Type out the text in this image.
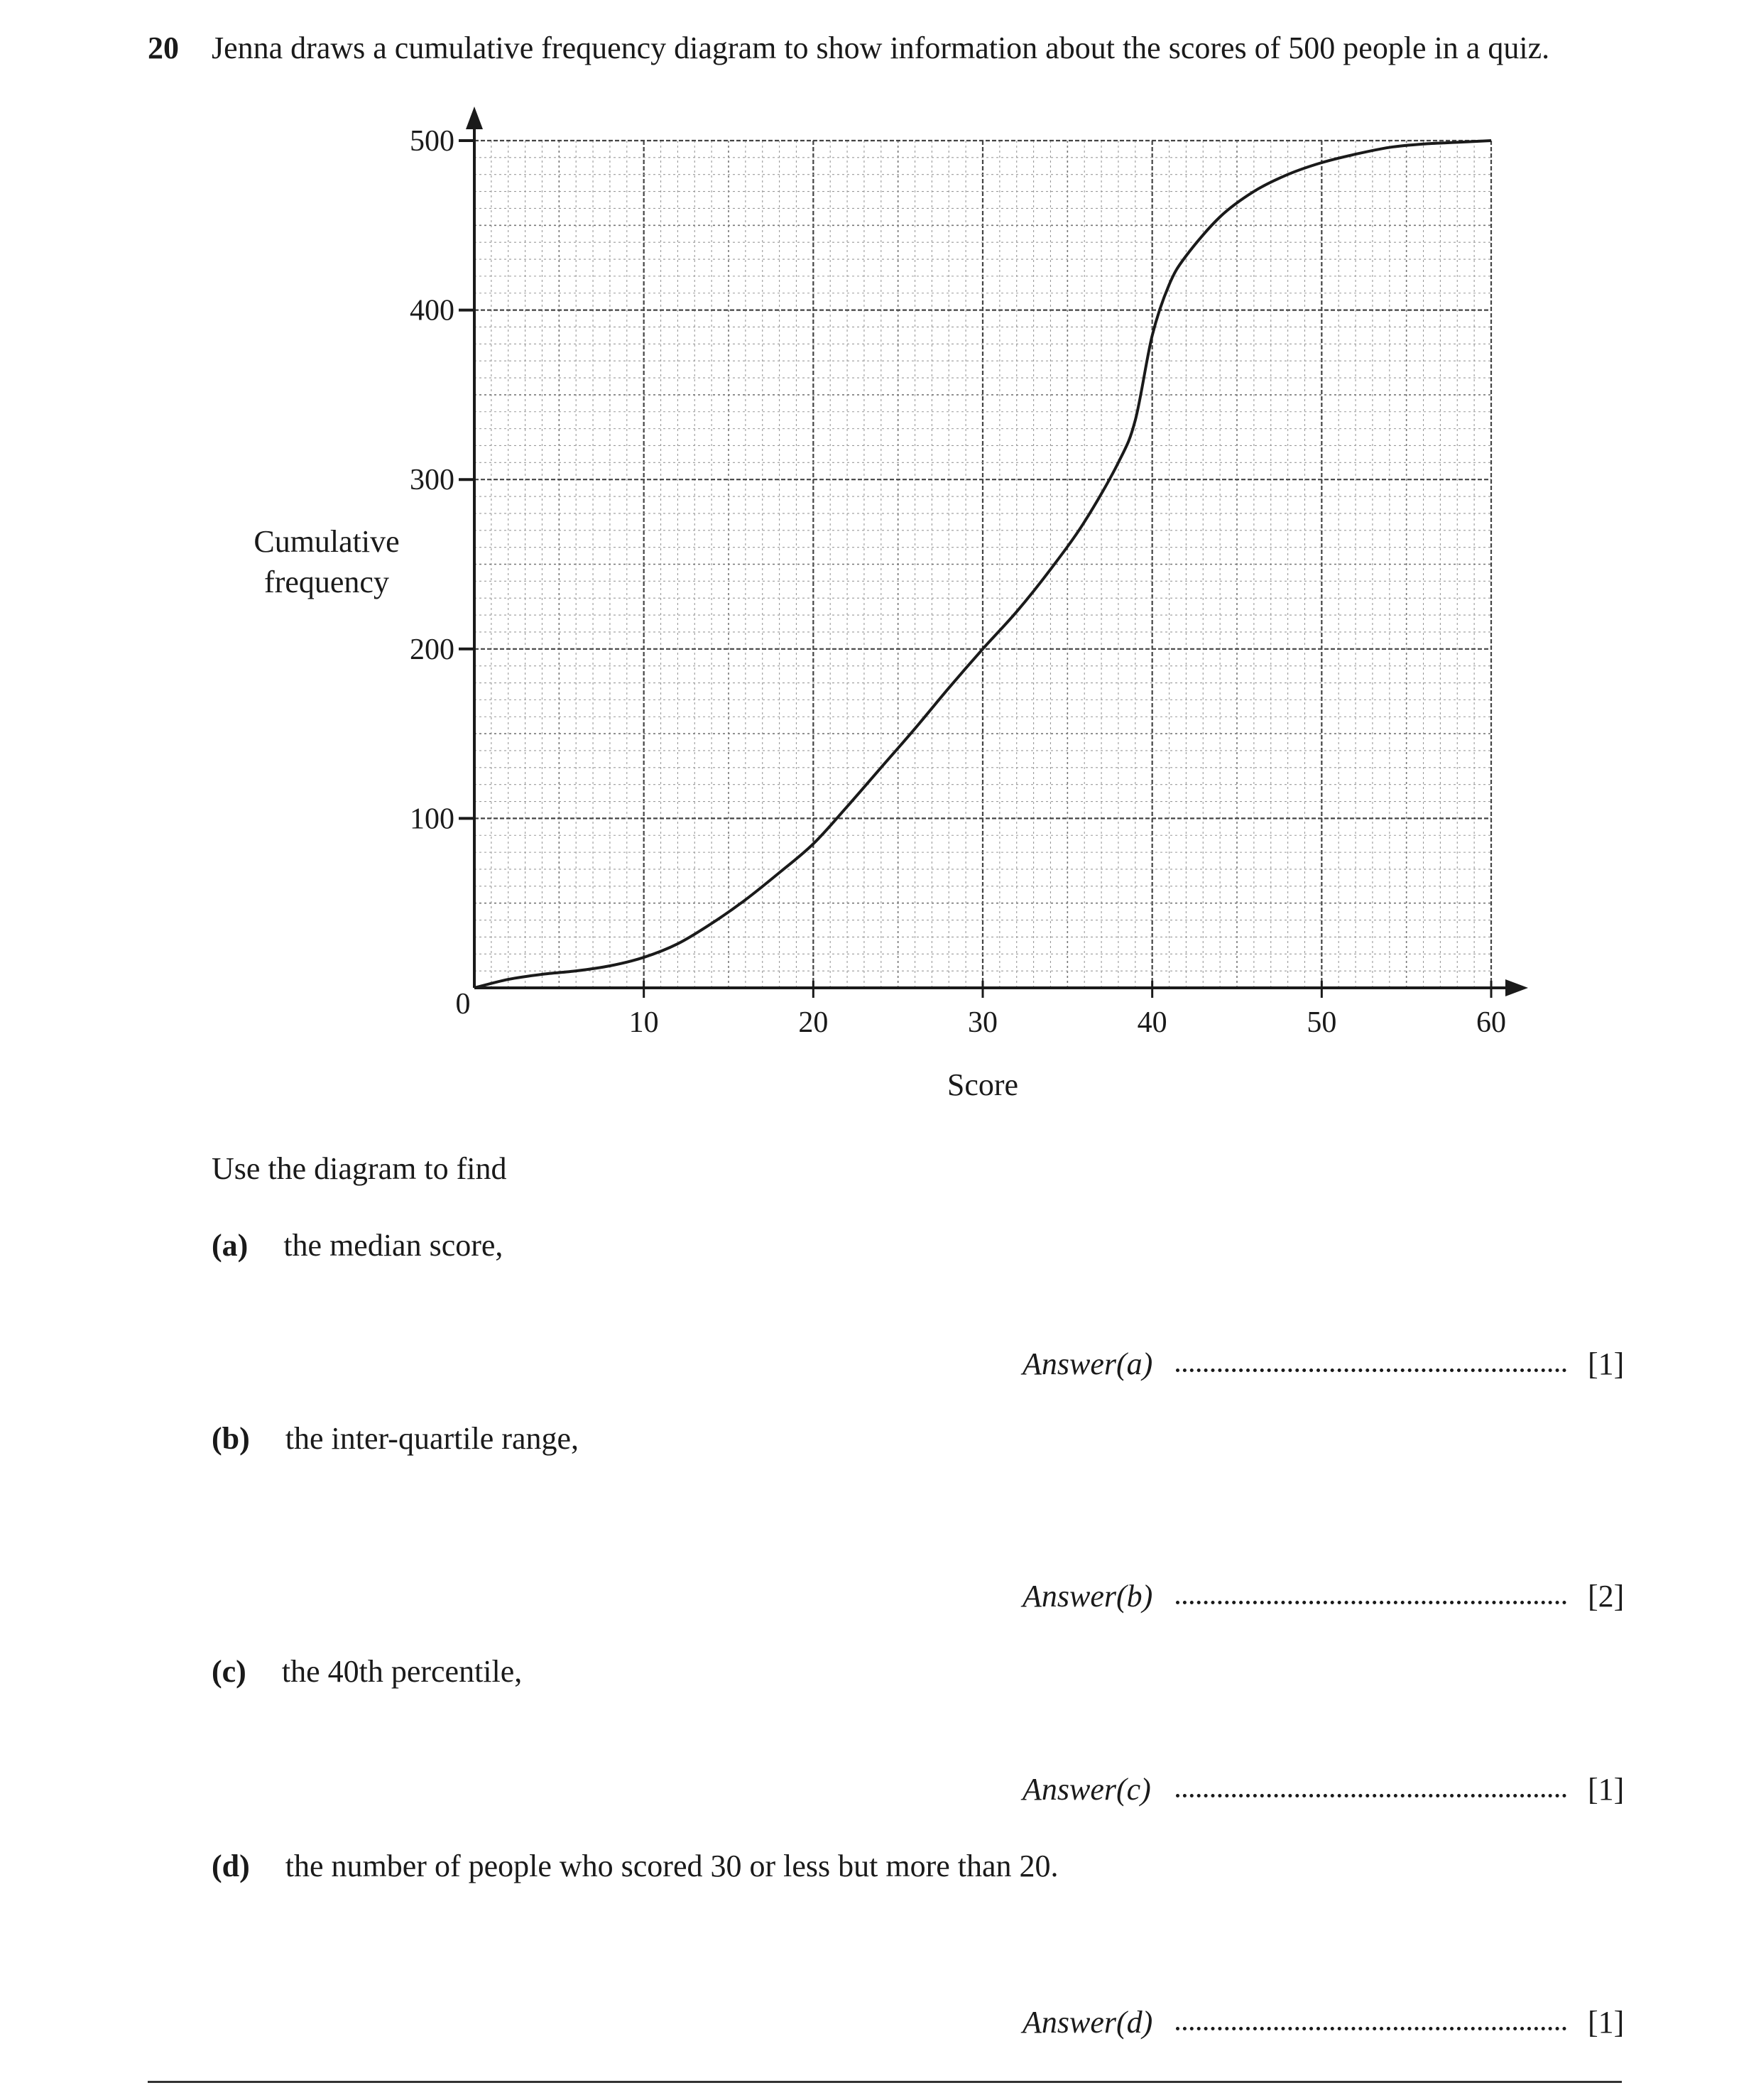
20 Jenna draws a cumulative frequency diagram to show information about the scores of 500 people in a quiz.
100
200
300
400
500
10	20	30	40	50	60
0
Cumulative
frequency
Score
Use the diagram to find
(a) the median score,
Answer(a)	[1]
(b) the inter-quartile range,
Answer(b)	[2]
(c) the 40th percentile,
Answer(c)	[1]
(d) the number of people who scored 30 or less but more than 20.
Answer(d)	[1]
